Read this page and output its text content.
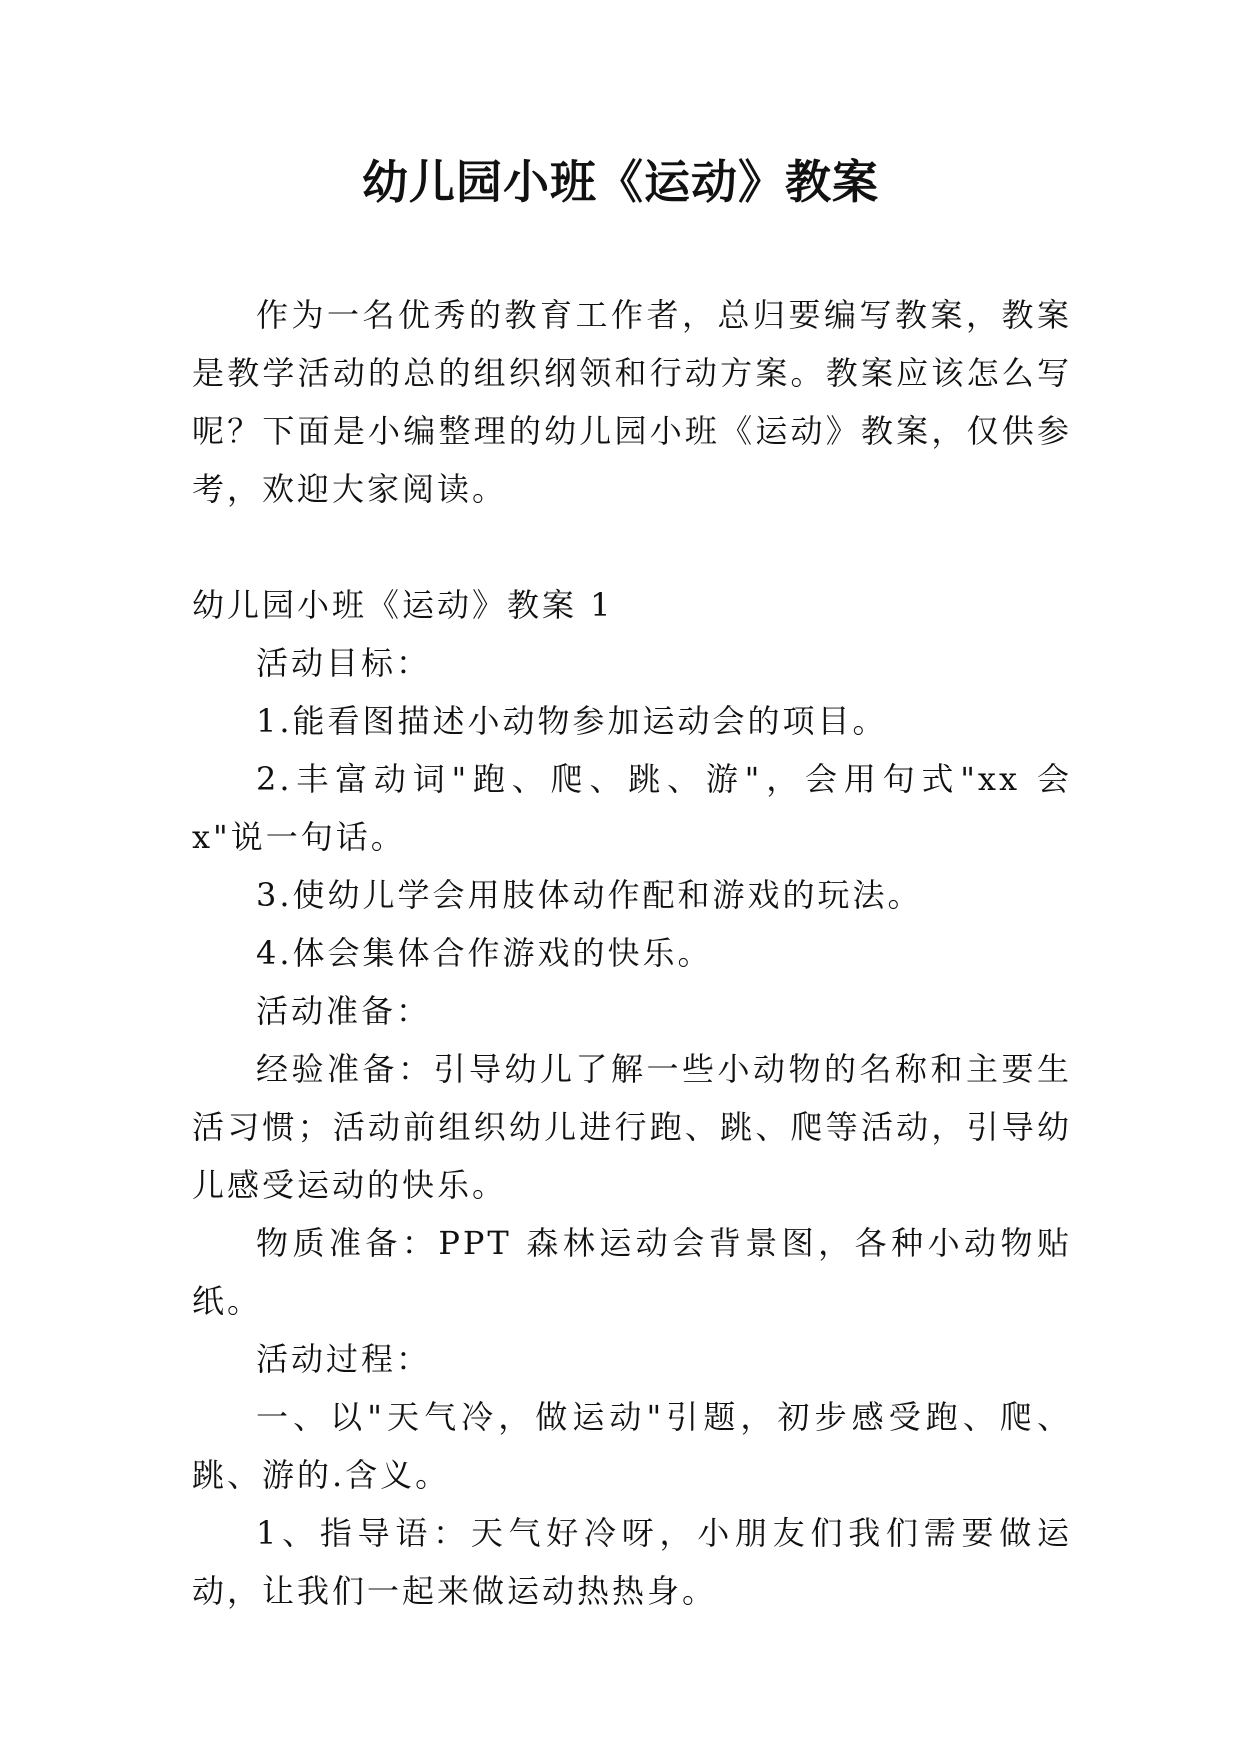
幼儿园小班《运动》教案

作为一名优秀的教育工作者，总归要编写教案，教案是教学活动的总的组织纲领和行动方案。教案应该怎么写呢？下面是小编整理的幼儿园小班《运动》教案，仅供参考，欢迎大家阅读。

幼儿园小班《运动》教案 1

活动目标：

1.能看图描述小动物参加运动会的项目。

2.丰富动词"跑、爬、跳、游"，会用句式"xx 会 x"说一句话。

3.使幼儿学会用肢体动作配和游戏的玩法。

4.体会集体合作游戏的快乐。

活动准备：

经验准备：引导幼儿了解一些小动物的名称和主要生活习惯；活动前组织幼儿进行跑、跳、爬等活动，引导幼儿感受运动的快乐。

物质准备：PPT 森林运动会背景图，各种小动物贴纸。

活动过程：

一、以"天气冷，做运动"引题，初步感受跑、爬、跳、游的.含义。

1、指导语：天气好冷呀，小朋友们我们需要做运动，让我们一起来做运动热热身。
